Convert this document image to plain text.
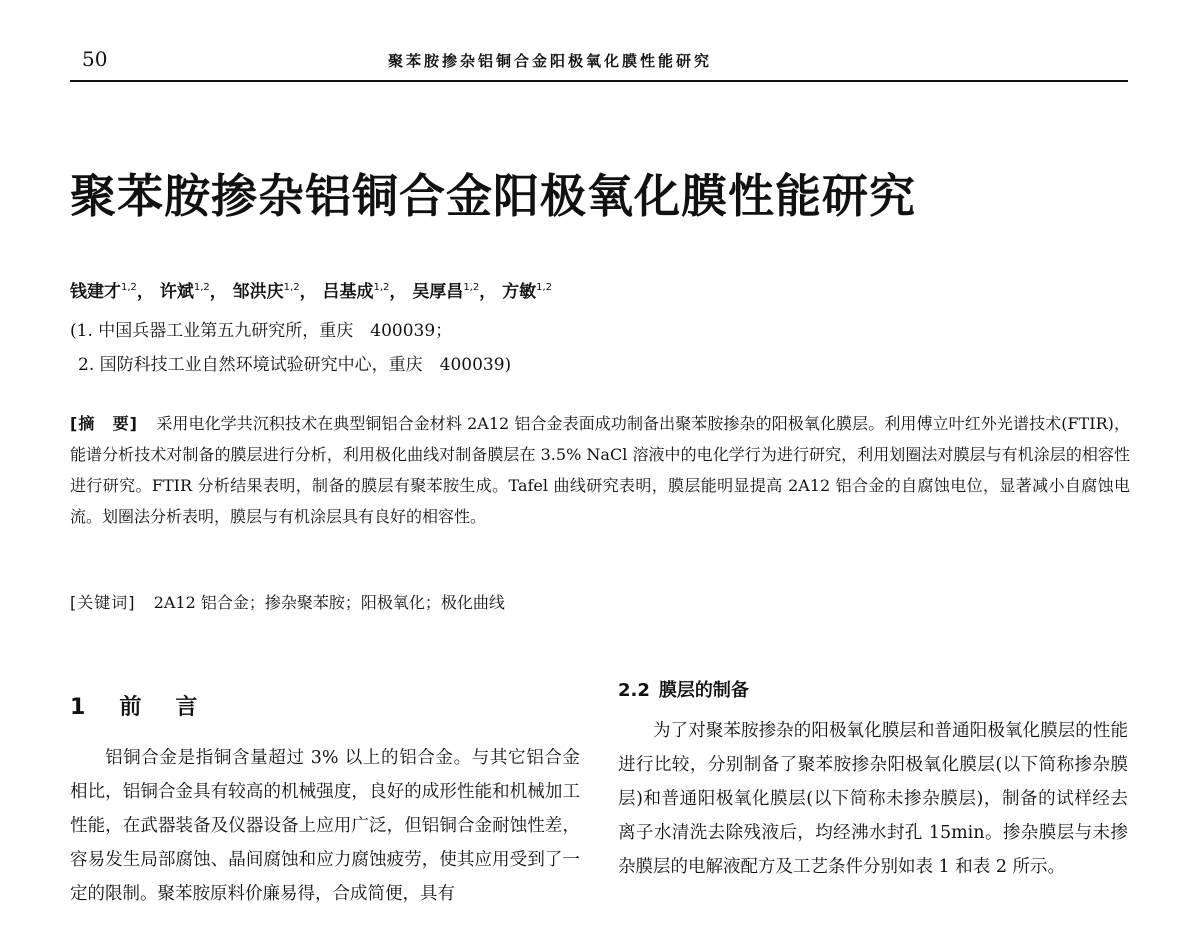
50	聚苯胺掺杂铝铜合金阳极氧化膜性能研究
聚苯胺掺杂铝铜合金阳极氧化膜性能研究
钱建才$^{1,2}$， 许斌$^{1,2}$， 邹洪庆$^{1,2}$， 吕基成$^{1,2}$， 吴厚昌$^{1,2}$， 方敏$^{1,2}$
(1. 中国兵器工业第五九研究所，重庆　400039；
2. 国防科技工业自然环境试验研究中心，重庆　400039)
[摘　要]   采用电化学共沉积技术在典型铜铝合金材料 2A12 铝合金表面成功制备出聚苯胺掺杂的阳极氧化膜层。利用傅立叶红外光谱技术(FTIR)，能谱分析技术对制备的膜层进行分析，利用极化曲线对制备膜层在 3.5% NaCl 溶液中的电化学行为进行研究，利用划圈法对膜层与有机涂层的相容性进行研究。FTIR 分析结果表明，制备的膜层有聚苯胺生成。Tafel 曲线研究表明，膜层能明显提高 2A12 铝合金的自腐蚀电位，显著减小自腐蚀电流。划圈法分析表明，膜层与有机涂层具有良好的相容性。
[关键词]   2A12 铝合金；掺杂聚苯胺；阳极氧化；极化曲线
1  前　言

铝铜合金是指铜含量超过 3% 以上的铝合金。与其它铝合金相比，铝铜合金具有较高的机械强度，良好的成形性能和机械加工性能，在武器装备及仪器设备上应用广泛，但铝铜合金耐蚀性差，容易发生局部腐蚀、晶间腐蚀和应力腐蚀疲劳，使其应用受到了一定的限制。聚苯胺原料价廉易得，合成简便，具有

2.2  膜层的制备

为了对聚苯胺掺杂的阳极氧化膜层和普通阳极氧化膜层的性能进行比较，分别制备了聚苯胺掺杂阳极氧化膜层(以下简称掺杂膜层)和普通阳极氧化膜层(以下简称未掺杂膜层)，制备的试样经去离子水清洗去除残液后，均经沸水封孔 15min。掺杂膜层与未掺杂膜层的电解液配方及工艺条件分别如表 1 和表 2 所示。
